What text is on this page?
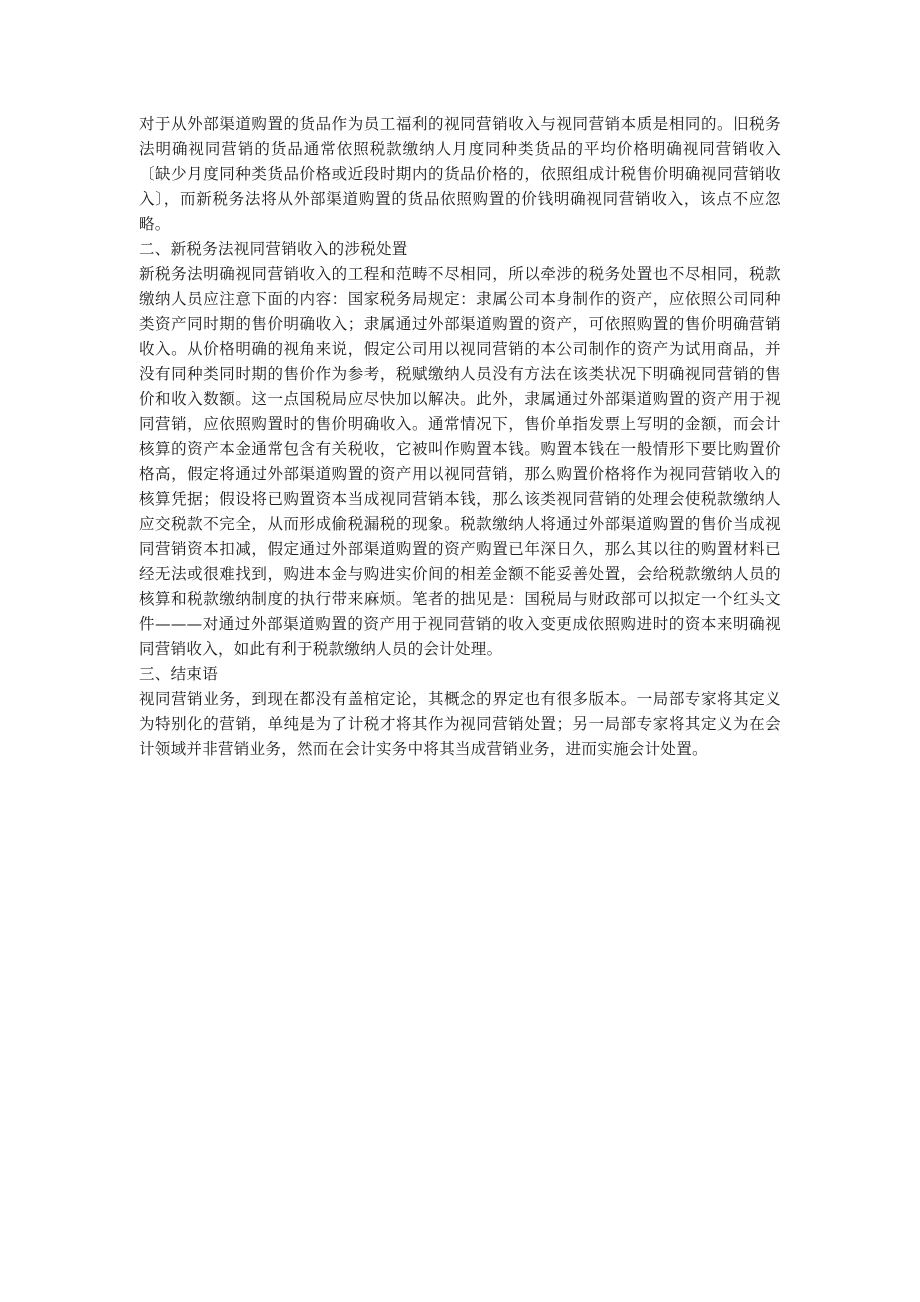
对于从外部渠道购置的货品作为员工福利的视同营销收入与视同营销本质是相同的。旧税务法明确视同营销的货品通常依照税款缴纳人月度同种类货品的平均价格明确视同营销收入〔缺少月度同种类货品价格或近段时期内的货品价格的，依照组成计税售价明确视同营销收入〕，而新税务法将从外部渠道购置的货品依照购置的价钱明确视同营销收入，该点不应忽略。

二、新税务法视同营销收入的涉税处置

新税务法明确视同营销收入的工程和范畴不尽相同，所以牵涉的税务处置也不尽相同，税款缴纳人员应注意下面的内容：国家税务局规定：隶属公司本身制作的资产，应依照公司同种类资产同时期的售价明确收入；隶属通过外部渠道购置的资产，可依照购置的售价明确营销收入。从价格明确的视角来说，假定公司用以视同营销的本公司制作的资产为试用商品，并没有同种类同时期的售价作为参考，税赋缴纳人员没有方法在该类状况下明确视同营销的售价和收入数额。这一点国税局应尽快加以解决。此外，隶属通过外部渠道购置的资产用于视同营销，应依照购置时的售价明确收入。通常情况下，售价单指发票上写明的金额，而会计核算的资产本金通常包含有关税收，它被叫作购置本钱。购置本钱在一般情形下要比购置价格高，假定将通过外部渠道购置的资产用以视同营销，那么购置价格将作为视同营销收入的核算凭据；假设将已购置资本当成视同营销本钱，那么该类视同营销的处理会使税款缴纳人应交税款不完全，从而形成偷税漏税的现象。税款缴纳人将通过外部渠道购置的售价当成视同营销资本扣减，假定通过外部渠道购置的资产购置已年深日久，那么其以往的购置材料已经无法或很难找到，购进本金与购进实价间的相差金额不能妥善处置，会给税款缴纳人员的核算和税款缴纳制度的执行带来麻烦。笔者的拙见是：国税局与财政部可以拟定一个红头文件———对通过外部渠道购置的资产用于视同营销的收入变更成依照购进时的资本来明确视同营销收入，如此有利于税款缴纳人员的会计处理。

三、结束语

视同营销业务，到现在都没有盖棺定论，其概念的界定也有很多版本。一局部专家将其定义为特别化的营销，单纯是为了计税才将其作为视同营销处置；另一局部专家将其定义为在会计领域并非营销业务，然而在会计实务中将其当成营销业务，进而实施会计处置。
